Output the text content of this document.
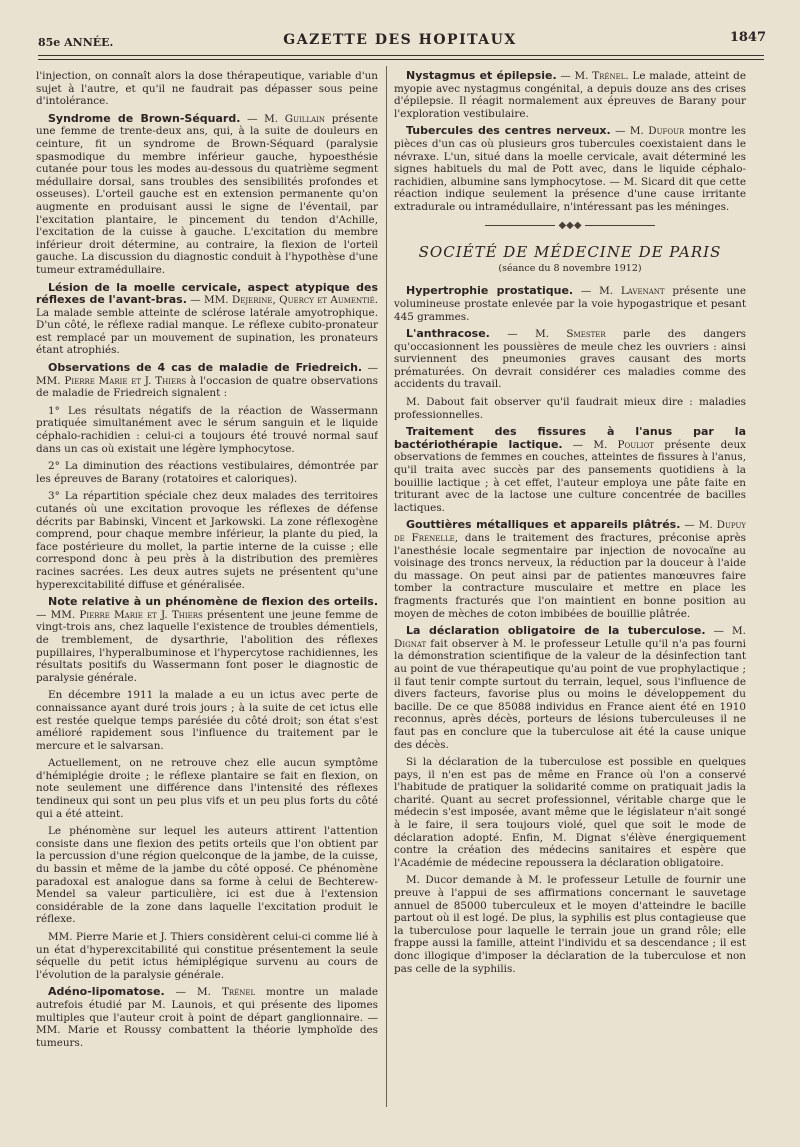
85e ANNÉE.	GAZETTE DES HOPITAUX	1847

l'injection, on connaît alors la dose thérapeutique, variable d'un sujet à l'autre, et qu'il ne faudrait pas dépasser sous peine d'intolérance.

Syndrome de Brown-Séquard. — M. Guillain présente une femme de trente-deux ans, qui, à la suite de douleurs en ceinture, fit un syndrome de Brown-Séquard (paralysie spasmodique du membre inférieur gauche, hypoesthésie cutanée pour tous les modes au-dessous du quatrième segment médullaire dorsal, sans troubles des sensibilités profondes et osseuses). L'orteil gauche est en extension permanente qu'on augmente en produisant aussi le signe de l'éventail, par l'excitation plantaire, le pincement du tendon d'Achille, l'excitation de la cuisse à gauche. L'excitation du membre inférieur droit détermine, au contraire, la flexion de l'orteil gauche. La discussion du diagnostic conduit à l'hypothèse d'une tumeur extramédullaire.

Lésion de la moelle cervicale, aspect atypique des réflexes de l'avant-bras. — MM. Dejerine, Quercy et Aumentié. La malade semble atteinte de sclérose latérale amyotrophique. D'un côté, le réflexe radial manque. Le réflexe cubito-pronateur est remplacé par un mouvement de supination, les pronateurs étant atrophiés.

Observations de 4 cas de maladie de Friedreich. — MM. Pierre Marie et J. Thiers à l'occasion de quatre observations de maladie de Friedreich signalent :

1° Les résultats négatifs de la réaction de Wassermann pratiquée simultanément avec le sérum sanguin et le liquide céphalo-rachidien : celui-ci a toujours été trouvé normal sauf dans un cas où existait une légère lymphocytose.

2° La diminution des réactions vestibulaires, démontrée par les épreuves de Barany (rotatoires et caloriques).

3° La répartition spéciale chez deux malades des territoires cutanés où une excitation provoque les réflexes de défense décrits par Babinski, Vincent et Jarkowski. La zone réflexogène comprend, pour chaque membre inférieur, la plante du pied, la face postérieure du mollet, la partie interne de la cuisse ; elle correspond donc à peu près à la distribution des premières racines sacrées. Les deux autres sujets ne présentent qu'une hyperexcitabilité diffuse et généralisée.

Note relative à un phénomène de flexion des orteils. — MM. Pierre Marie et J. Thiers présentent une jeune femme de vingt-trois ans, chez laquelle l'existence de troubles démentiels, de tremblement, de dysarthrie, l'abolition des réflexes pupillaires, l'hyperalbuminose et l'hypercytose rachidiennes, les résultats positifs du Wassermann font poser le diagnostic de paralysie générale.

En décembre 1911 la malade a eu un ictus avec perte de connaissance ayant duré trois jours ; à la suite de cet ictus elle est restée quelque temps parésiée du côté droit; son état s'est amélioré rapidement sous l'influence du traitement par le mercure et le salvarsan.

Actuellement, on ne retrouve chez elle aucun symptôme d'hémiplégie droite ; le réflexe plantaire se fait en flexion, on note seulement une différence dans l'intensité des réflexes tendineux qui sont un peu plus vifs et un peu plus forts du côté qui a été atteint.

Le phénomène sur lequel les auteurs attirent l'attention consiste dans une flexion des petits orteils que l'on obtient par la percussion d'une région quelconque de la jambe, de la cuisse, du bassin et même de la jambe du côté opposé. Ce phénomène paradoxal est analogue dans sa forme à celui de Bechterew-Mendel sa valeur particulière, ici est due à l'extension considérable de la zone dans laquelle l'excitation produit le réflexe.

MM. Pierre Marie et J. Thiers considèrent celui-ci comme lié à un état d'hyperexcitabilité qui constitue présentement la seule séquelle du petit ictus hémiplégique survenu au cours de l'évolution de la paralysie générale.

Adéno-lipomatose. — M. Trénel montre un malade autrefois étudié par M. Launois, et qui présente des lipomes multiples que l'auteur croit à point de départ ganglionnaire. — MM. Marie et Roussy combattent la théorie lymphoïde des tumeurs.

Nystagmus et épilepsie. — M. Trénel. Le malade, atteint de myopie avec nystagmus congénital, a depuis douze ans des crises d'épilepsie. Il réagit normalement aux épreuves de Barany pour l'exploration vestibulaire.

Tubercules des centres nerveux. — M. Dufour montre les pièces d'un cas où plusieurs gros tubercules coexistaient dans le névraxe. L'un, situé dans la moelle cervicale, avait déterminé les signes habituels du mal de Pott avec, dans le liquide céphalo-rachidien, albumine sans lymphocytose. — M. Sicard dit que cette réaction indique seulement la présence d'une cause irritante extradurale ou intramédullaire, n'intéressant pas les méninges.

◆◆◆
SOCIÉTÉ DE MÉDECINE DE PARIS
(séance du 8 novembre 1912)

Hypertrophie prostatique. — M. Lavenant présente une volumineuse prostate enlevée par la voie hypogastrique et pesant 445 grammes.

L'anthracose. — M. Smester parle des dangers qu'occasionnent les poussières de meule chez les ouvriers : ainsi surviennent des pneumonies graves causant des morts prématurées. On devrait considérer ces maladies comme des accidents du travail.

M. Dabout fait observer qu'il faudrait mieux dire : maladies professionnelles.

Traitement des fissures à l'anus par la bactériothérapie lactique. — M. Pouliot présente deux observations de femmes en couches, atteintes de fissures à l'anus, qu'il traita avec succès par des pansements quotidiens à la bouillie lactique ; à cet effet, l'auteur employa une pâte faite en triturant avec de la lactose une culture concentrée de bacilles lactiques.

Gouttières métalliques et appareils plâtrés. — M. Dupuy de Frenelle, dans le traitement des fractures, préconise après l'anesthésie locale segmentaire par injection de novocaïne au voisinage des troncs nerveux, la réduction par la douceur à l'aide du massage. On peut ainsi par de patientes manœuvres faire tomber la contracture musculaire et mettre en place les fragments fracturés que l'on maintient en bonne position au moyen de mèches de coton imbibées de bouillie plâtrée.

La déclaration obligatoire de la tuberculose. — M. Dignat fait observer à M. le professeur Letulle qu'il n'a pas fourni la démonstration scientifique de la valeur de la désinfection tant au point de vue thérapeutique qu'au point de vue prophylactique ; il faut tenir compte surtout du terrain, lequel, sous l'influence de divers facteurs, favorise plus ou moins le développement du bacille. De ce que 85088 individus en France aient été en 1910 reconnus, après décès, porteurs de lésions tuberculeuses il ne faut pas en conclure que la tuberculose ait été la cause unique des décès.

Si la déclaration de la tuberculose est possible en quelques pays, il n'en est pas de même en France où l'on a conservé l'habitude de pratiquer la solidarité comme on pratiquait jadis la charité. Quant au secret professionnel, véritable charge que le médecin s'est imposée, avant même que le législateur n'ait songé à le faire, il sera toujours violé, quel que soit le mode de déclaration adopté. Enfin, M. Dignat s'élève énergiquement contre la création des médecins sanitaires et espère que l'Académie de médecine repoussera la déclaration obligatoire.

M. Ducor demande à M. le professeur Letulle de fournir une preuve à l'appui de ses affirmations concernant le sauvetage annuel de 85000 tuberculeux et le moyen d'atteindre le bacille partout où il est logé. De plus, la syphilis est plus contagieuse que la tuberculose pour laquelle le terrain joue un grand rôle; elle frappe aussi la famille, atteint l'individu et sa descendance ; il est donc illogique d'imposer la déclaration de la tuberculose et non pas celle de la syphilis.
